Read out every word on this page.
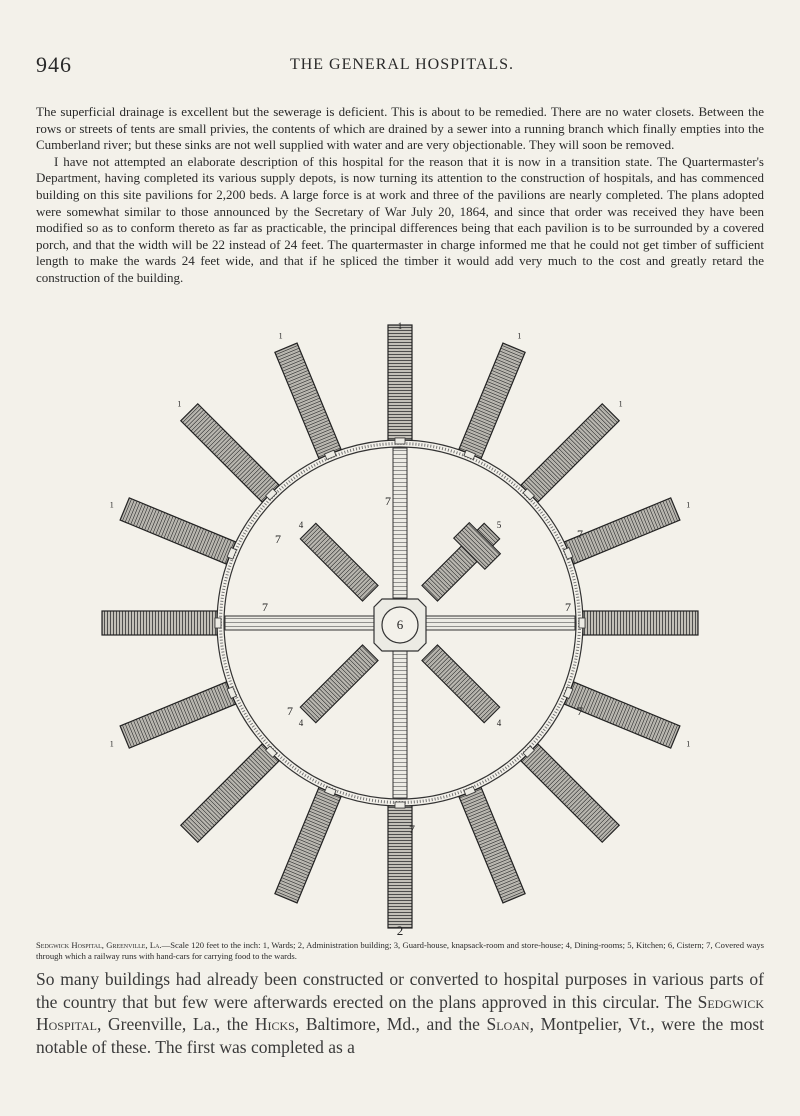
946	THE GENERAL HOSPITALS.

The superficial drainage is excellent but the sewerage is deficient. This is about to be remedied. There are no water closets. Between the rows or streets of tents are small privies, the contents of which are drained by a sewer into a running branch which finally empties into the Cumberland river; but these sinks are not well supplied with water and are very objectionable. They will soon be removed.

I have not attempted an elaborate description of this hospital for the reason that it is now in a transition state. The Quartermaster's Department, having completed its various supply depots, is now turning its attention to the construction of hospitals, and has commenced building on this site pavilions for 2,200 beds. A large force is at work and three of the pavilions are nearly completed. The plans adopted were somewhat similar to those announced by the Secretary of War July 20, 1864, and since that order was received they have been modified so as to conform thereto as far as practicable, the principal differences being that each pavilion is to be surrounded by a covered porch, and that the width will be 22 instead of 24 feet. The quartermaster in charge informed me that he could not get timber of sufficient length to make the wards 24 feet wide, and that if he spliced the timber it would add very much to the cost and greatly retard the construction of the building.

6
5
4
4
4
1
1
1
1
1
1
1
1
7
7
7	7
7	7
7	7
2
1
Sedgwick Hospital, Greenville, La.—Scale 120 feet to the inch: 1, Wards; 2, Administration building; 3, Guard-house, knapsack-room and store-house; 4, Dining-rooms; 5, Kitchen; 6, Cistern; 7, Covered ways through which a railway runs with hand-cars for carrying food to the wards.
So many buildings had already been constructed or converted to hospital purposes in various parts of the country that but few were afterwards erected on the plans approved in this circular. The Sedgwick Hospital, Greenville, La., the Hicks, Baltimore, Md., and the Sloan, Montpelier, Vt., were the most notable of these. The first was completed as a
